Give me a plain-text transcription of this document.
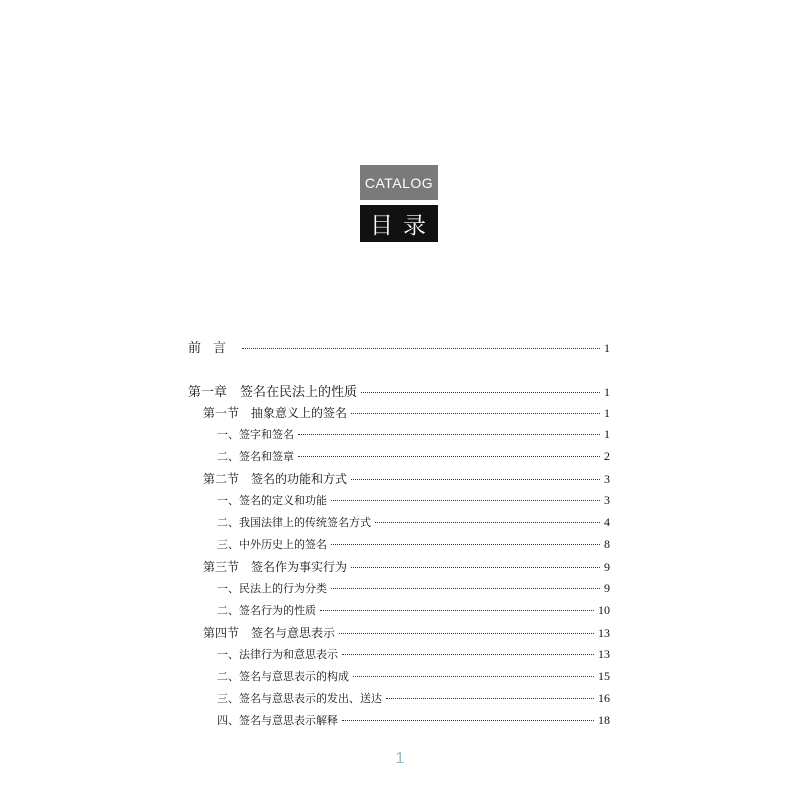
CATALOG
目录
前言	1
第一章　签名在民法上的性质	1
第一节　抽象意义上的签名	1
一、签字和签名	1
二、签名和签章	2
第二节　签名的功能和方式	3
一、签名的定义和功能	3
二、我国法律上的传统签名方式	4
三、中外历史上的签名	8
第三节　签名作为事实行为	9
一、民法上的行为分类	9
二、签名行为的性质	10
第四节　签名与意思表示	13
一、法律行为和意思表示	13
二、签名与意思表示的构成	15
三、签名与意思表示的发出、送达	16
四、签名与意思表示解释	18
1
